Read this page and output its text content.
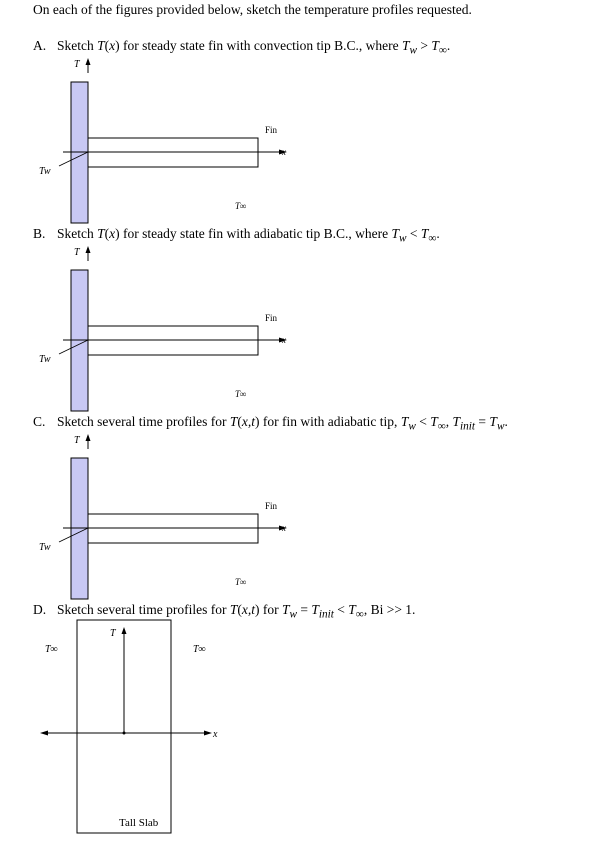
On each of the figures provided below, sketch the temperature profiles requested.
A. Sketch T(x) for steady state fin with convection tip B.C., where $T_w > T_\infty$.
T
x
Fin
Tw
T∞
B. Sketch T(x) for steady state fin with adiabatic tip B.C., where $T_w < T_\infty$.
T
x
Fin
Tw
T∞
C. Sketch several time profiles for T(x,t) for fin with adiabatic tip, $T_w < T_\infty$, $T_{init} = T_w$.
T
x
Fin
Tw
T∞
D. Sketch several time profiles for T(x,t) for $T_w = T_{init} < T_\infty$, Bi >> 1.
T
x
T∞	T∞
Tall Slab
